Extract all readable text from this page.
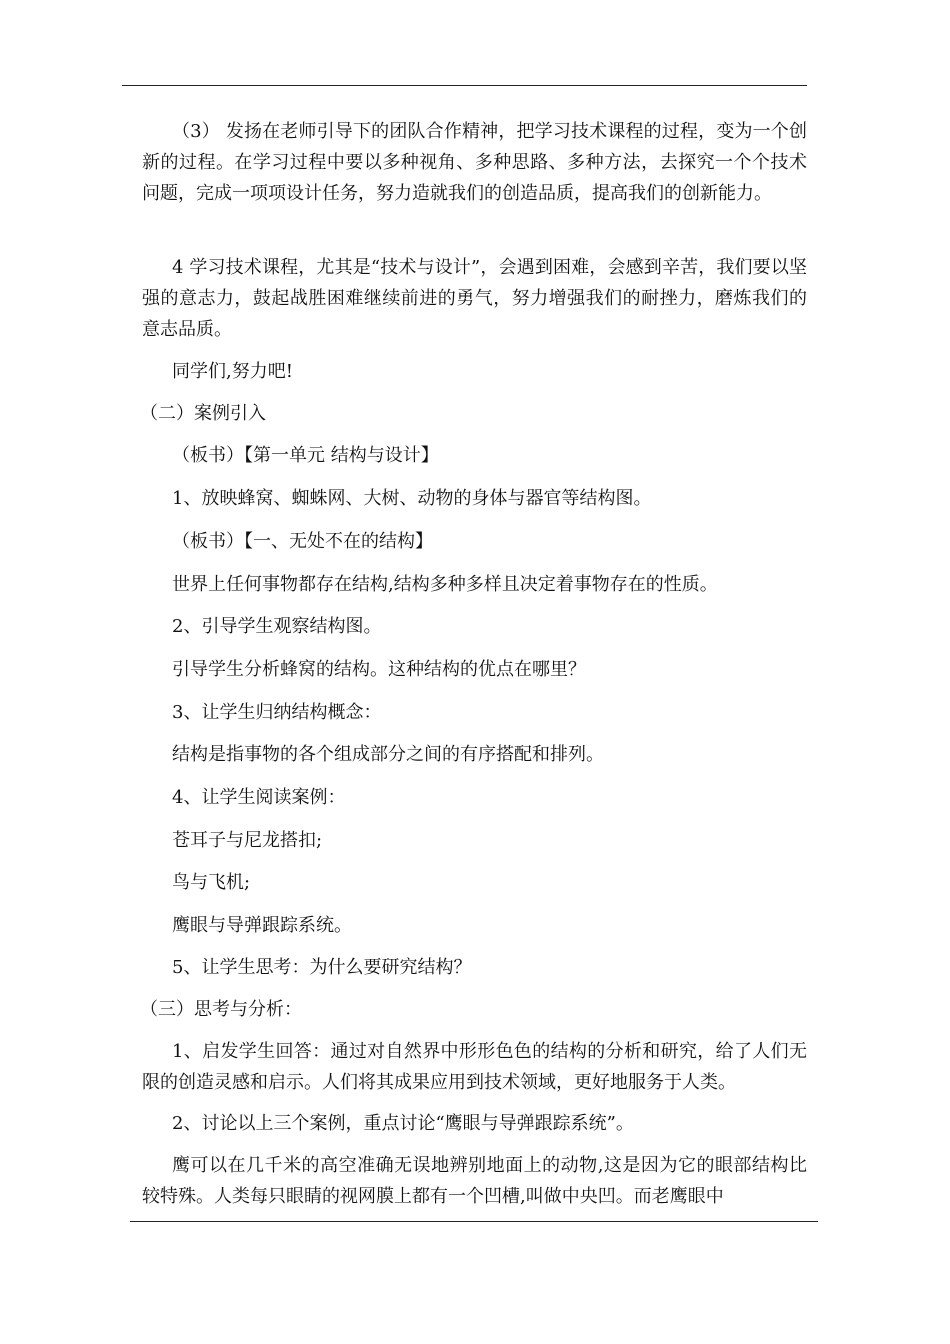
（3） 发扬在老师引导下的团队合作精神，把学习技术课程的过程，变为一个创新的过程。在学习过程中要以多种视角、多种思路、多种方法，去探究一个个技术问题，完成一项项设计任务，努力造就我们的创造品质，提高我们的创新能力。

4 学习技术课程，尤其是“技术与设计”，会遇到困难，会感到辛苦，我们要以坚强的意志力，鼓起战胜困难继续前进的勇气，努力增强我们的耐挫力，磨炼我们的意志品质。

同学们,努力吧!

（二）案例引入

（板书）【第一单元 结构与设计】

1、放映蜂窝、蜘蛛网、大树、动物的身体与器官等结构图。

（板书）【一、无处不在的结构】

世界上任何事物都存在结构,结构多种多样且决定着事物存在的性质。

2、引导学生观察结构图。

引导学生分析蜂窝的结构。这种结构的优点在哪里？

3、让学生归纳结构概念：

结构是指事物的各个组成部分之间的有序搭配和排列。

4、让学生阅读案例：

苍耳子与尼龙搭扣;

鸟与飞机;

鹰眼与导弹跟踪系统。

5、让学生思考：为什么要研究结构？

（三）思考与分析：

1、启发学生回答：通过对自然界中形形色色的结构的分析和研究，给了人们无限的创造灵感和启示。人们将其成果应用到技术领域，更好地服务于人类。

2、讨论以上三个案例，重点讨论“鹰眼与导弹跟踪系统”。

鹰可以在几千米的高空准确无误地辨别地面上的动物,这是因为它的眼部结构比较特殊。人类每只眼睛的视网膜上都有一个凹槽,叫做中央凹。而老鹰眼中
